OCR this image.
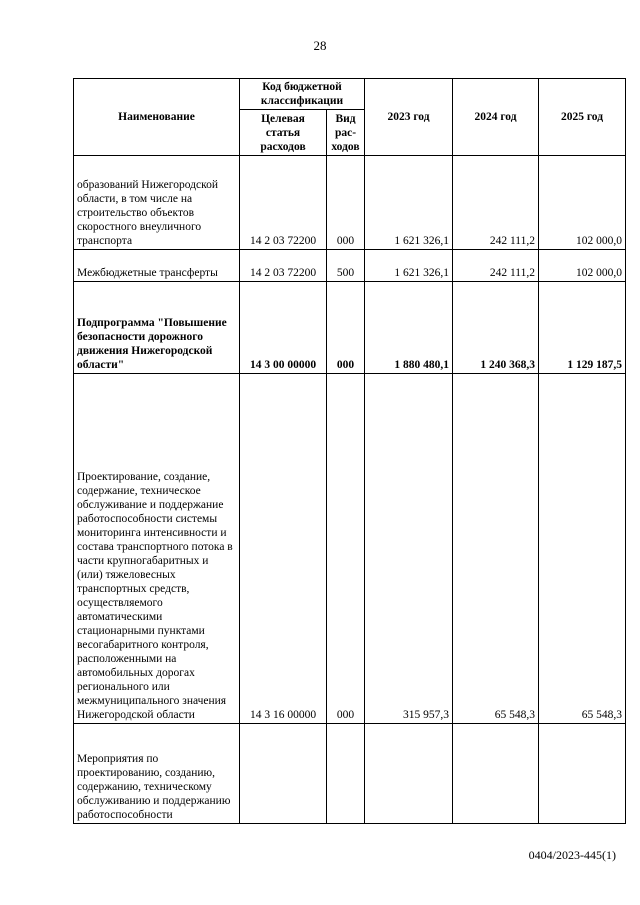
28
Наименование	Код бюджетной классификации		2023 год	2024 год	2025 год
	Целевая статья расходов	Вид рас-ходов			
образований Нижегородской области, в том числе на строительство объектов скоростного внеуличного транспорта	14 2 03 72200	000	1 621 326,1	242 111,2	102 000,0
Межбюджетные трансферты	14 2 03 72200	500	1 621 326,1	242 111,2	102 000,0
Подпрограмма "Повышение безопасности дорожного движения Нижегородской области"	14 3 00 00000	000	1 880 480,1	1 240 368,3	1 129 187,5
Проектирование, создание, содержание, техническое обслуживание и поддержание работоспособности системы мониторинга интенсивности и состава транспортного потока в части крупногабаритных и (или) тяжеловесных транспортных средств, осуществляемого автоматическими стационарными пунктами весогабаритного контроля, расположенными на автомобильных дорогах регионального или межмуниципального значения Нижегородской области	14 3 16 00000	000	315 957,3	65 548,3	65 548,3
Мероприятия по проектированию, созданию, содержанию, техническому обслуживанию и поддержанию работоспособности					
0404/2023-445(1)
